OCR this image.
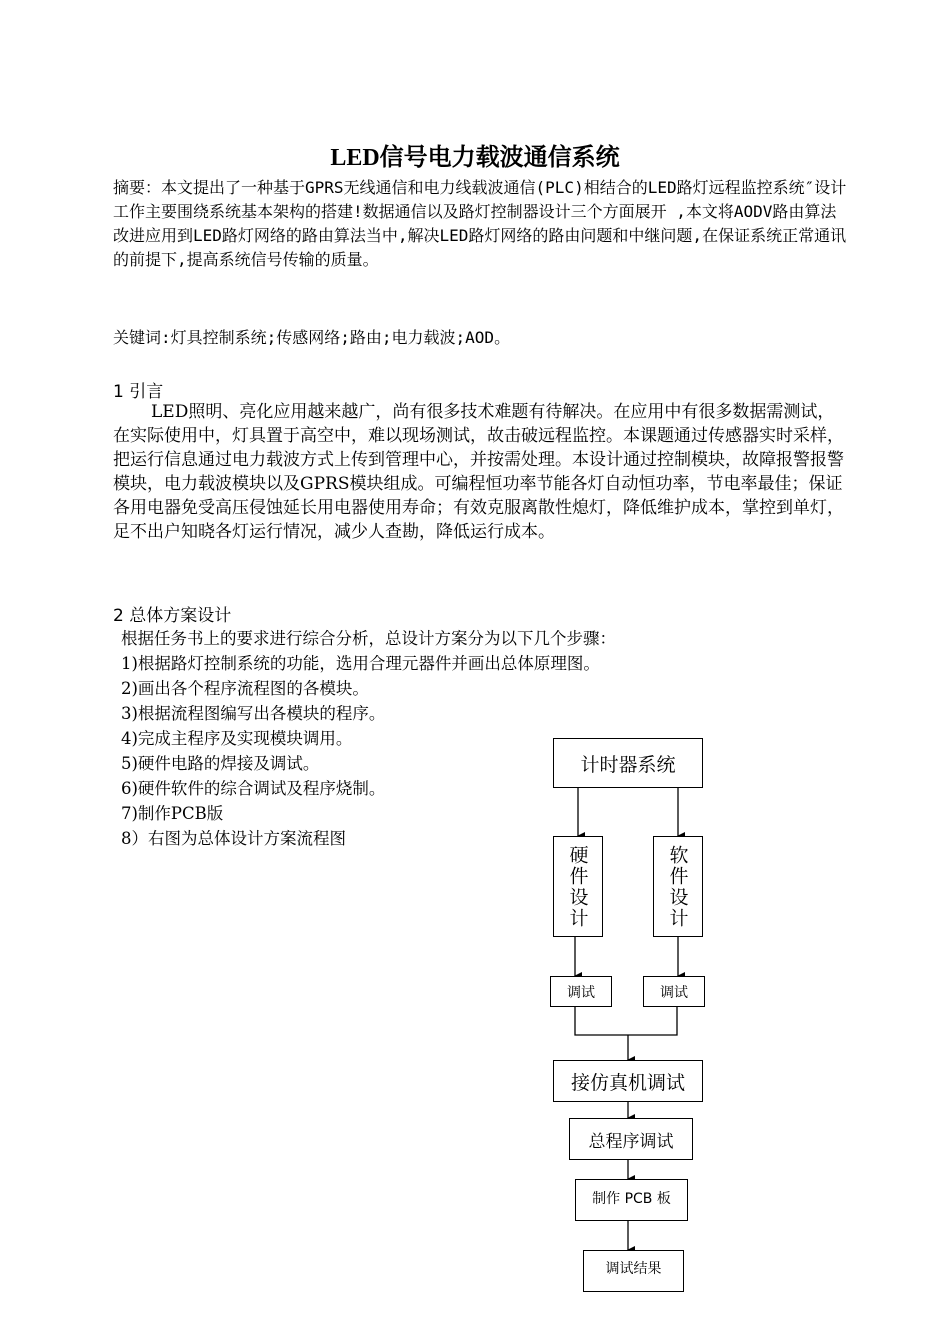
LED信号电力载波通信系统
摘要：本文提出了一种基于GPRS无线通信和电力线载波通信(PLC)相结合的LED路灯远程监控系统″设计工作主要围绕系统基本架构的搭建!数据通信以及路灯控制器设计三个方面展开 ,本文将AODV路由算法改进应用到LED路灯网络的路由算法当中,解决LED路灯网络的路由问题和中继问题,在保证系统正常通讯的前提下,提高系统信号传输的质量。
关键词:灯具控制系统;传感网络;路由;电力载波;AOD。
1 引言
LED照明、亮化应用越来越广，尚有很多技术难题有待解决。在应用中有很多数据需测试，在实际使用中，灯具置于高空中，难以现场测试，故击破远程监控。本课题通过传感器实时采样，把运行信息通过电力载波方式上传到管理中心，并按需处理。本设计通过控制模块，故障报警报警模块，电力载波模块以及GPRS模块组成。可编程恒功率节能各灯自动恒功率，节电率最佳；保证各用电器免受高压侵蚀延长用电器使用寿命；有效克服离散性熄灯，降低维护成本，掌控到单灯，足不出户知晓各灯运行情况，减少人查勘，降低运行成本。
2 总体方案设计
根据任务书上的要求进行综合分析，总设计方案分为以下几个步骤：
1)根据路灯控制系统的功能，选用合理元器件并画出总体原理图。
2)画出各个程序流程图的各模块。
3)根据流程图编写出各模块的程序。
4)完成主程序及实现模块调用。
5)硬件电路的焊接及调试。
6)硬件软件的综合调试及程序烧制。
7)制作PCB版
8）右图为总体设计方案流程图
计时器系统
硬件设计	软件设计
调试	调试
接仿真机调试
总程序调试
制作 PCB 板
调试结果
